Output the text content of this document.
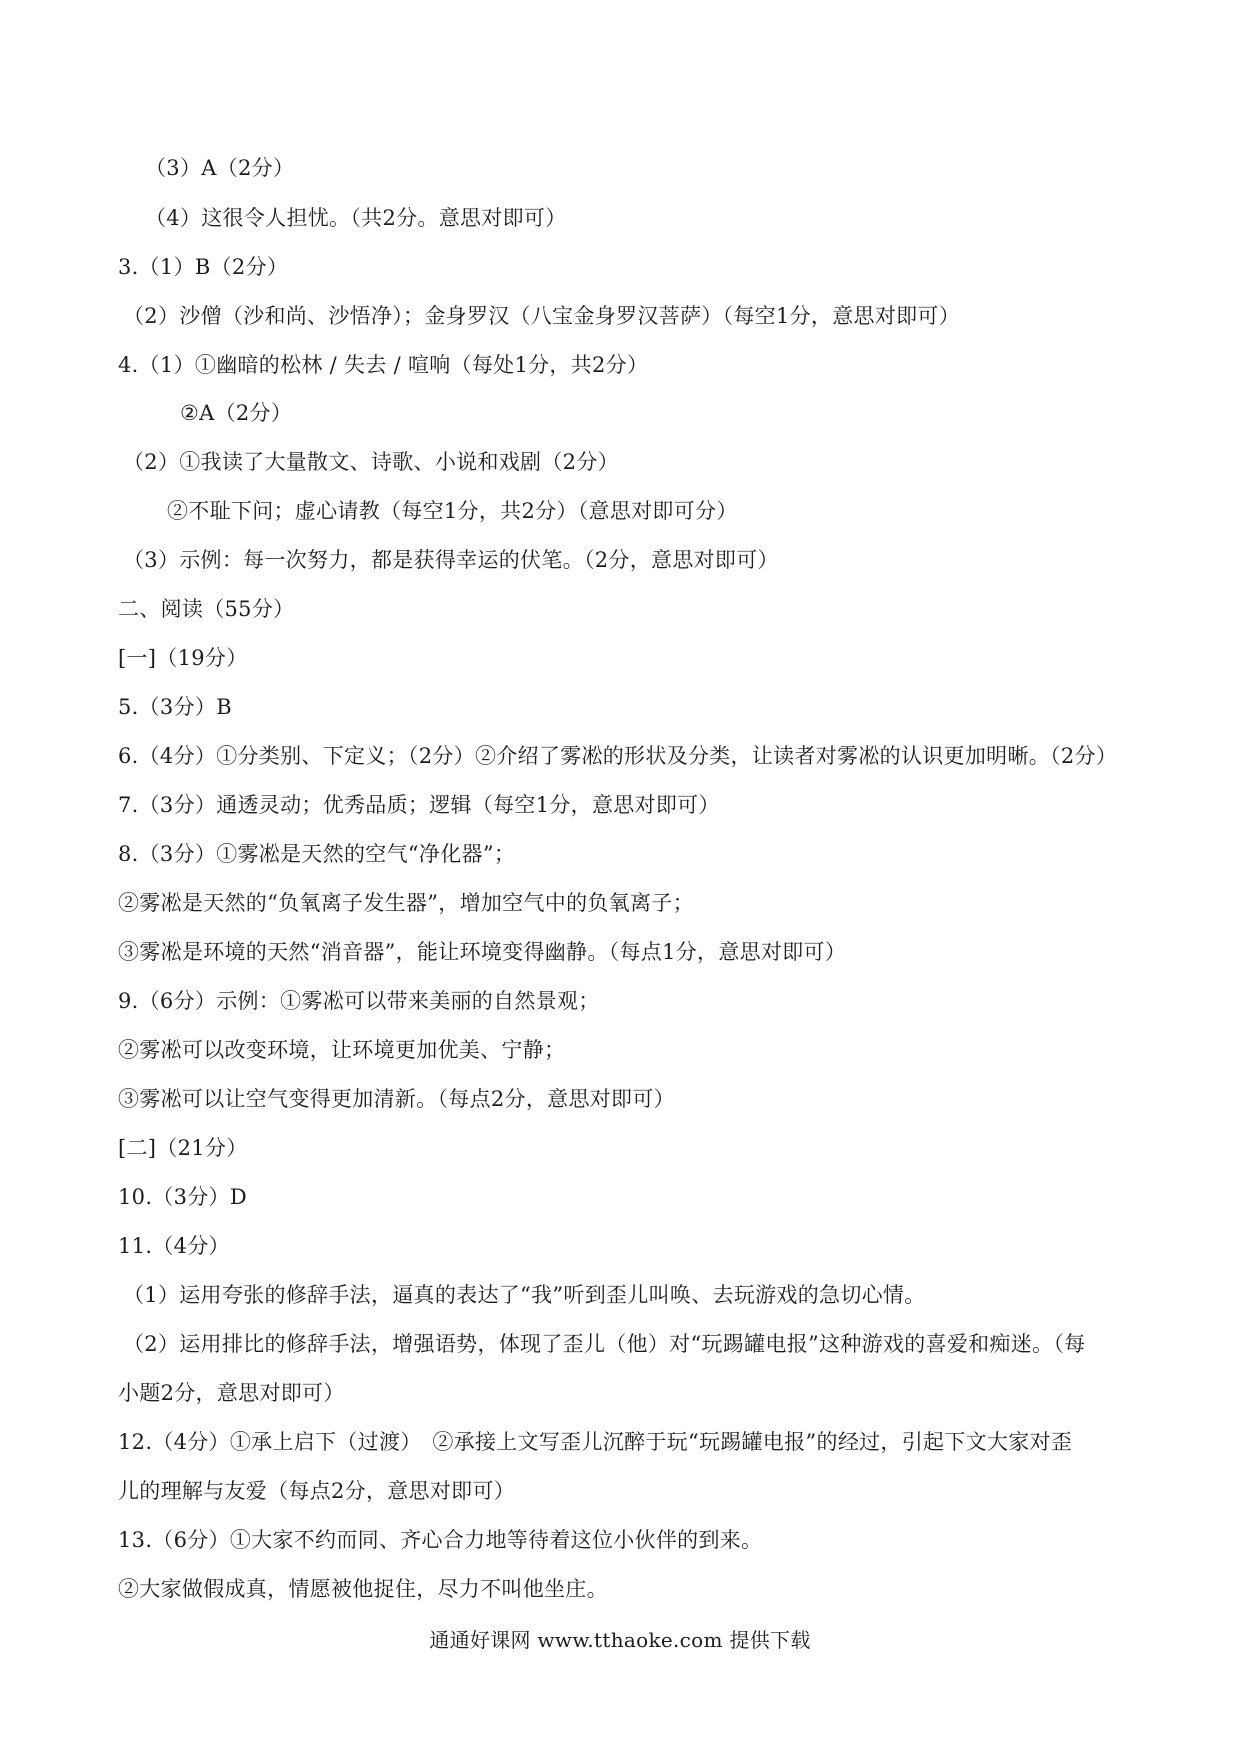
（3）A（2分）
（4）这很令人担忧。（共2分。意思对即可）
3.（1）B（2分）
（2）沙僧（沙和尚、沙悟净）；金身罗汉（八宝金身罗汉菩萨）（每空1分，意思对即可）
4.（1）①幽暗的松林 / 失去 / 喧响（每处1分，共2分）
②A（2分）
（2）①我读了大量散文、诗歌、小说和戏剧（2分）
②不耻下问；虚心请教（每空1分，共2分）（意思对即可分）
（3）示例：每一次努力，都是获得幸运的伏笔。（2分，意思对即可）
二、阅读（55分）
[一]（19分）
5.（3分）B
6.（4分）①分类别、下定义；（2分）②介绍了雾凇的形状及分类，让读者对雾凇的认识更加明晰。（2分）
7.（3分）通透灵动；优秀品质；逻辑（每空1分，意思对即可）
8.（3分）①雾凇是天然的空气“净化器”；
②雾凇是天然的“负氧离子发生器”，增加空气中的负氧离子；
③雾凇是环境的天然“消音器”，能让环境变得幽静。（每点1分，意思对即可）
9.（6分）示例：①雾凇可以带来美丽的自然景观；
②雾凇可以改变环境，让环境更加优美、宁静；
③雾凇可以让空气变得更加清新。（每点2分，意思对即可）
[二]（21分）
10.（3分）D
11.（4分）
（1）运用夸张的修辞手法，逼真的表达了“我”听到歪儿叫唤、去玩游戏的急切心情。
（2）运用排比的修辞手法，增强语势，体现了歪儿（他）对“玩踢罐电报”这种游戏的喜爱和痴迷。（每
小题2分，意思对即可）
12.（4分）①承上启下（过渡）　②承接上文写歪儿沉醉于玩“玩踢罐电报”的经过，引起下文大家对歪
儿的理解与友爱（每点2分，意思对即可）
13.（6分）①大家不约而同、齐心合力地等待着这位小伙伴的到来。
②大家做假成真，情愿被他捉住，尽力不叫他坐庄。
通通好课网 www.tthaoke.com 提供下载
